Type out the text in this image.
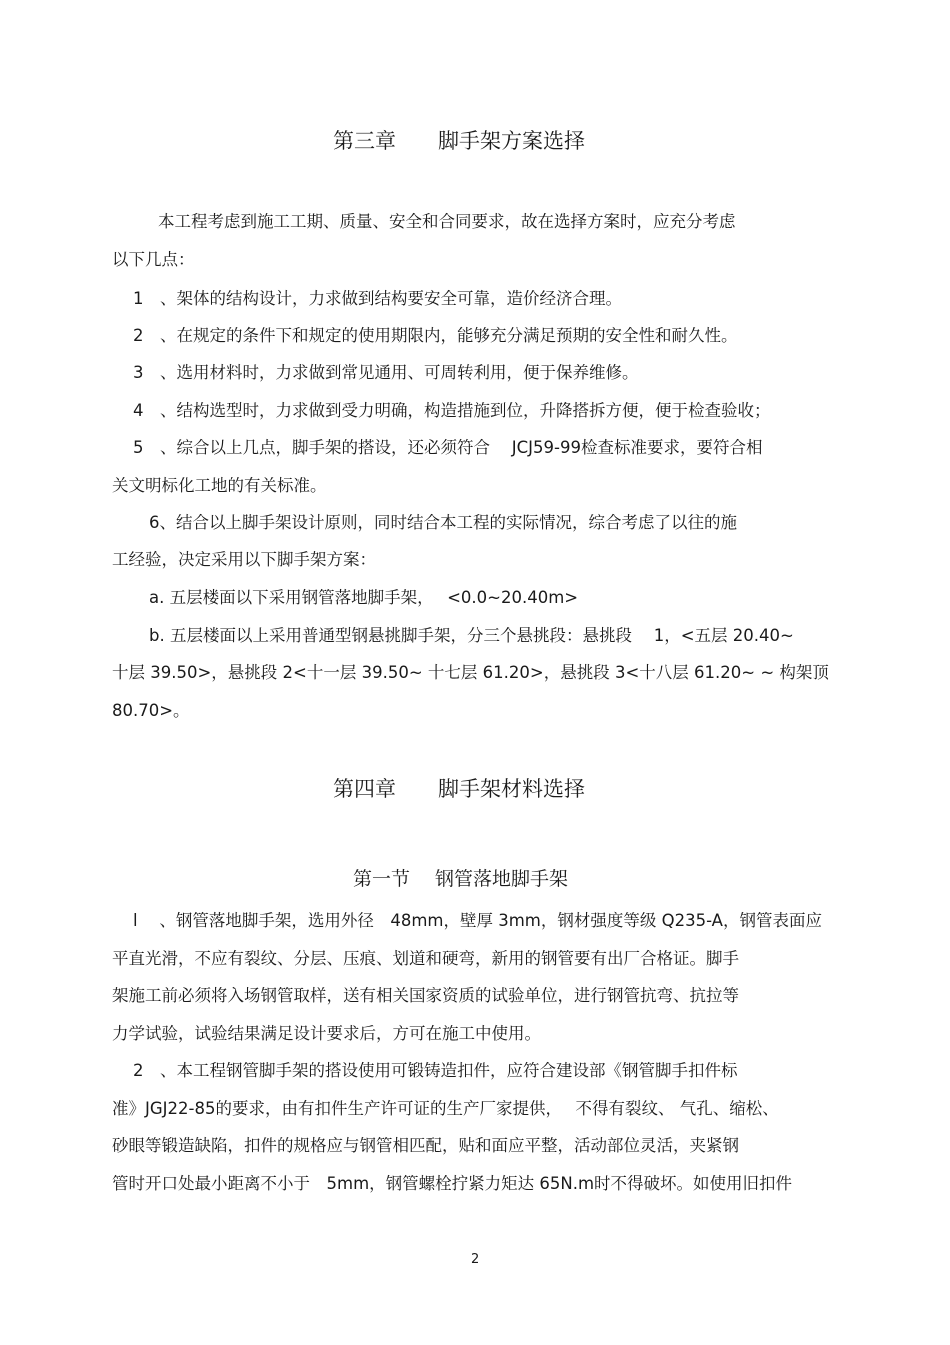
第三章　　脚手架方案选择
本工程考虑到施工工期、质量、安全和合同要求，故在选择方案时，应充分考虑
以下几点：
1　、架体的结构设计，力求做到结构要安全可靠，造价经济合理。
2　、在规定的条件下和规定的使用期限内，能够充分满足预期的安全性和耐久性。
3　、选用材料时，力求做到常见通用、可周转利用，便于保养维修。
4　、结构选型时，力求做到受力明确，构造措施到位，升降搭拆方便，便于检查验收；
5　、综合以上几点，脚手架的搭设，还必须符合　 JCJ59-99检查标准要求，要符合相
关文明标化工地的有关标准。
6、结合以上脚手架设计原则，同时结合本工程的实际情况，综合考虑了以往的施
工经验，决定采用以下脚手架方案：
a. 五层楼面以下采用钢管落地脚手架，　 <0.0~20.40m>
b. 五层楼面以上采用普通型钢悬挑脚手架，分三个悬挑段：悬挑段　 1，<五层 20.40~
十层 39.50>，悬挑段 2<十一层 39.50~ 十七层 61.20>，悬挑段 3<十八层 61.20~ ~ 构架顶
80.70>。
第四章　　脚手架材料选择
第一节　 钢管落地脚手架
l　 、钢管落地脚手架，选用外径　48mm，壁厚 3mm，钢材强度等级 Q235-A，钢管表面应
平直光滑，不应有裂纹、分层、压痕、划道和硬弯，新用的钢管要有出厂合格证。脚手
架施工前必须将入场钢管取样，送有相关国家资质的试验单位，进行钢管抗弯、抗拉等
力学试验，试验结果满足设计要求后，方可在施工中使用。
2　、本工程钢管脚手架的搭设使用可锻铸造扣件，应符合建设部《钢管脚手扣件标
准》JGJ22-85的要求，由有扣件生产许可证的生产厂家提供，　 不得有裂纹、 气孔、缩松、
砂眼等锻造缺陷，扣件的规格应与钢管相匹配，贴和面应平整，活动部位灵活，夹紧钢
管时开口处最小距离不小于　5mm，钢管螺栓拧紧力矩达 65N.m时不得破坏。如使用旧扣件
2
